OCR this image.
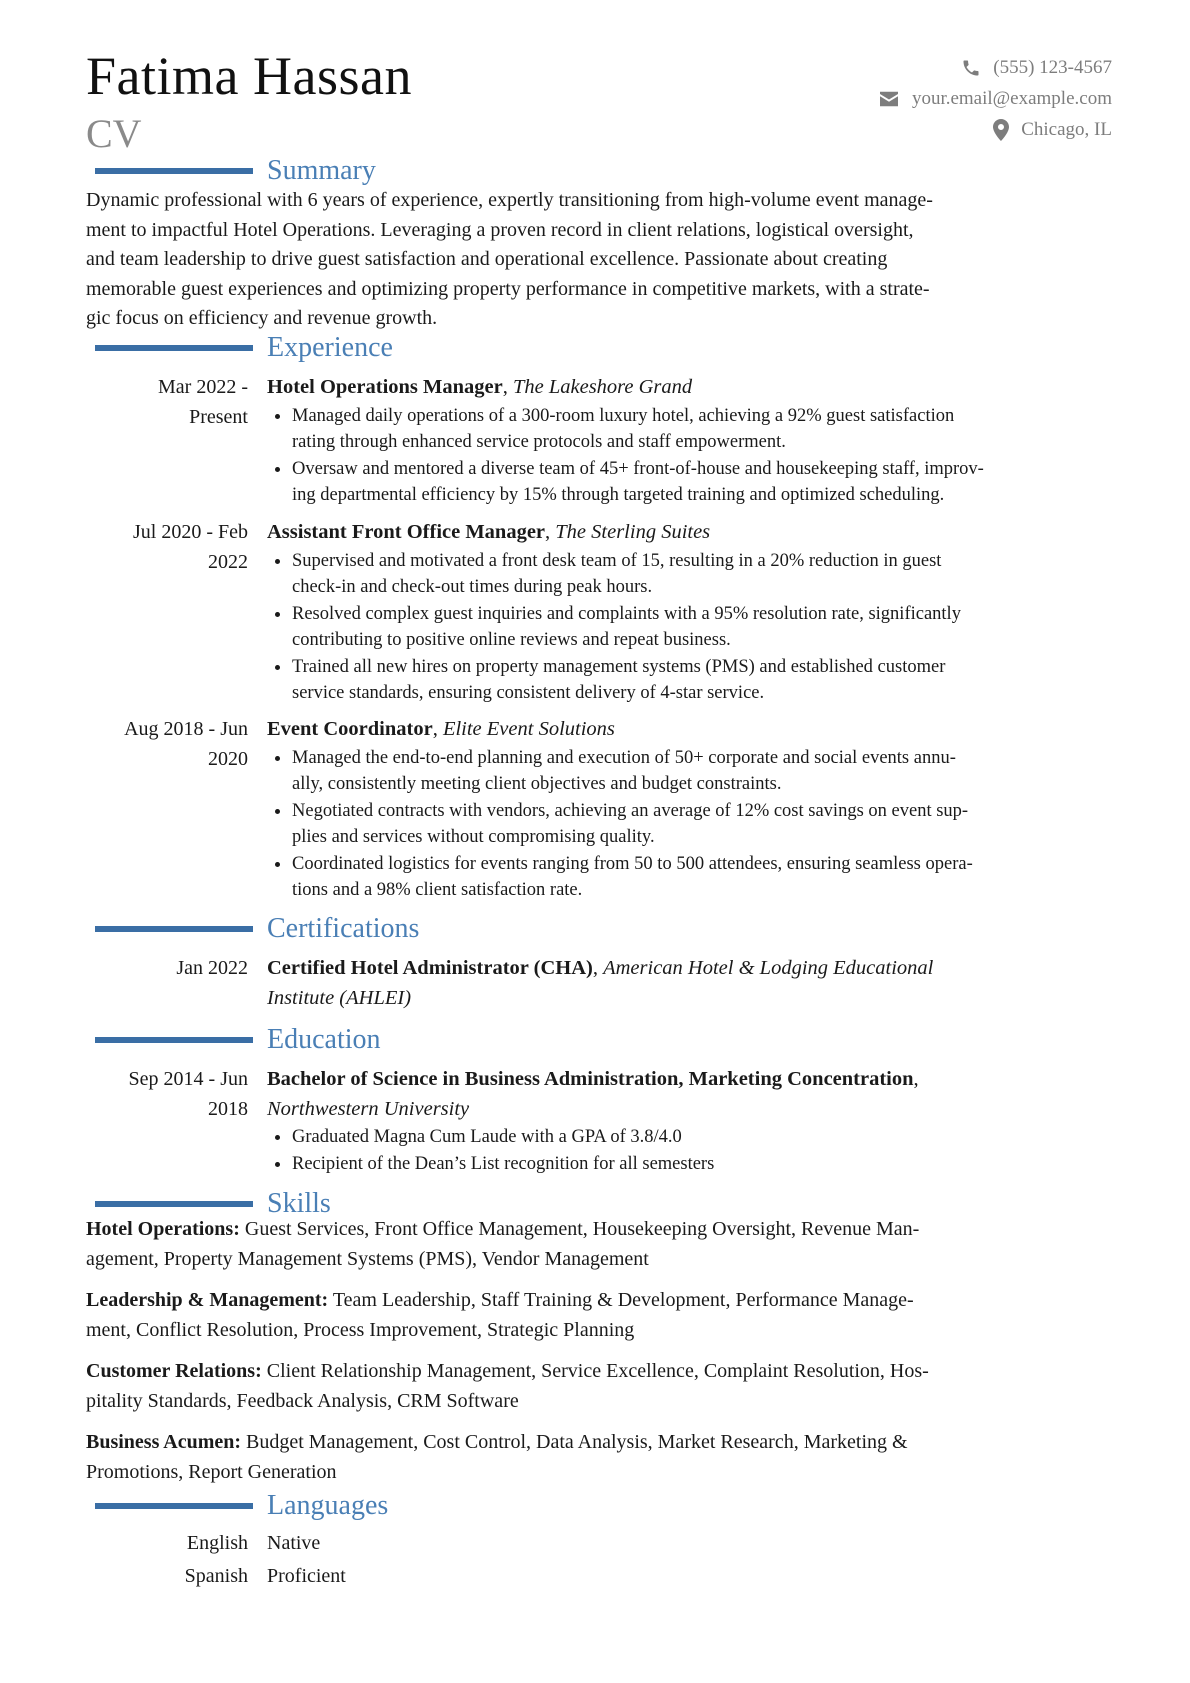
Fatima Hassan
CV
(555) 123-4567
your.email@example.com
Chicago, IL
Summary
Dynamic professional with 6 years of experience, expertly transitioning from high-volume event manage-
ment to impactful Hotel Operations. Leveraging a proven record in client relations, logistical oversight,
and team leadership to drive guest satisfaction and operational excellence. Passionate about creating
memorable guest experiences and optimizing property performance in competitive markets, with a strate-
gic focus on efficiency and revenue growth.
Experience
Mar 2022 -
Present
Hotel Operations Manager, The Lakeshore Grand
Managed daily operations of a 300-room luxury hotel, achieving a 92% guest satisfaction
rating through enhanced service protocols and staff empowerment.
Oversaw and mentored a diverse team of 45+ front-of-house and housekeeping staff, improv-
ing departmental efficiency by 15% through targeted training and optimized scheduling.
Jul 2020 - Feb
2022
Assistant Front Office Manager, The Sterling Suites
Supervised and motivated a front desk team of 15, resulting in a 20% reduction in guest
check-in and check-out times during peak hours.
Resolved complex guest inquiries and complaints with a 95% resolution rate, significantly
contributing to positive online reviews and repeat business.
Trained all new hires on property management systems (PMS) and established customer
service standards, ensuring consistent delivery of 4-star service.
Aug 2018 - Jun
2020
Event Coordinator, Elite Event Solutions
Managed the end-to-end planning and execution of 50+ corporate and social events annu-
ally, consistently meeting client objectives and budget constraints.
Negotiated contracts with vendors, achieving an average of 12% cost savings on event sup-
plies and services without compromising quality.
Coordinated logistics for events ranging from 50 to 500 attendees, ensuring seamless opera-
tions and a 98% client satisfaction rate.
Certifications
Jan 2022 Certified Hotel Administrator (CHA), American Hotel & Lodging Educational
Institute (AHLEI)
Education
Sep 2014 - Jun
2018
Bachelor of Science in Business Administration, Marketing Concentration,
Northwestern University
Graduated Magna Cum Laude with a GPA of 3.8/4.0
Recipient of the Dean’s List recognition for all semesters
Skills
Hotel Operations: Guest Services, Front Office Management, Housekeeping Oversight, Revenue Man-
agement, Property Management Systems (PMS), Vendor Management
Leadership & Management: Team Leadership, Staff Training & Development, Performance Manage-
ment, Conflict Resolution, Process Improvement, Strategic Planning
Customer Relations: Client Relationship Management, Service Excellence, Complaint Resolution, Hos-
pitality Standards, Feedback Analysis, CRM Software
Business Acumen: Budget Management, Cost Control, Data Analysis, Market Research, Marketing &
Promotions, Report Generation
Languages
English Native
Spanish Proficient
